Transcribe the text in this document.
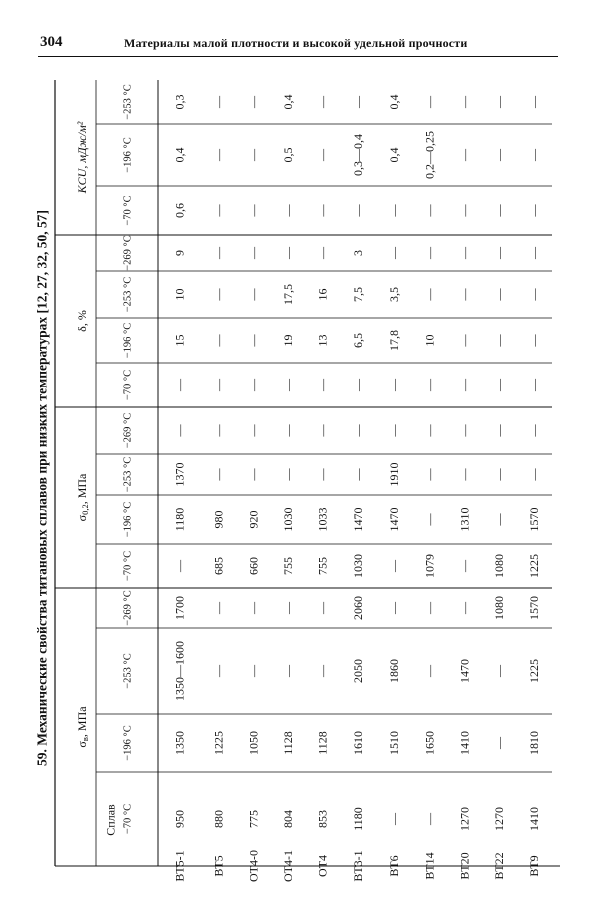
304	Материалы малой плотности и высокой удельной прочности
59. Механические свойства титановых сплавов при низких температурах [12, 27, 32, 50, 57]
Сплав
$\sigma_в$, МПа
−70 °С
−196 °С
−253 °С
−269 °С
$\sigma_{0,2}$, МПа
−70 °С
−196 °С
−253 °С
−269 °С
δ, %
−70 °С
−196 °С
−253 °С
−269 °С
KCU, мДж/м²
−70 °С
−196 °С
−253 °С
ВТ5-1
950
1350
1350—1600
1700
—
1180
1370
—
—
15
10
9
0,6
0,4
0,3
ВТ5
880
1225
—
—
685
980
—
—
—
—
—
—
—
—
—
ОТ4-0
775
1050
—
—
660
920
—
—
—
—
—
—
—
—
—
ОТ4-1
804
1128
—
—
755
1030
—
—
—
19
17,5
—
—
0,5
0,4
ОТ4
853
1128
—
—
755
1033
—
—
—
13
16
—
—
—
—
ВТ3-1
1180
1610
2050
2060
1030
1470
—
—
—
6,5
7,5
3
—
0,3—0,4
—
ВТ6
—
1510
1860
—
—
1470
1910
—
—
17,8
3,5
—
—
0,4
0,4
ВТ14
—
1650
—
—
1079
—
—
—
—
10
—
—
—
0,2—0,25
—
ВТ20
1270
1410
1470
—
—
1310
—
—
—
—
—
—
—
—
—
ВТ22
1270
—
—
1080
1080
—
—
—
—
—
—
—
—
—
—
ВТ9
1410
1810
1225
1570
1225
1570
—
—
—
—
—
—
—
—
—
